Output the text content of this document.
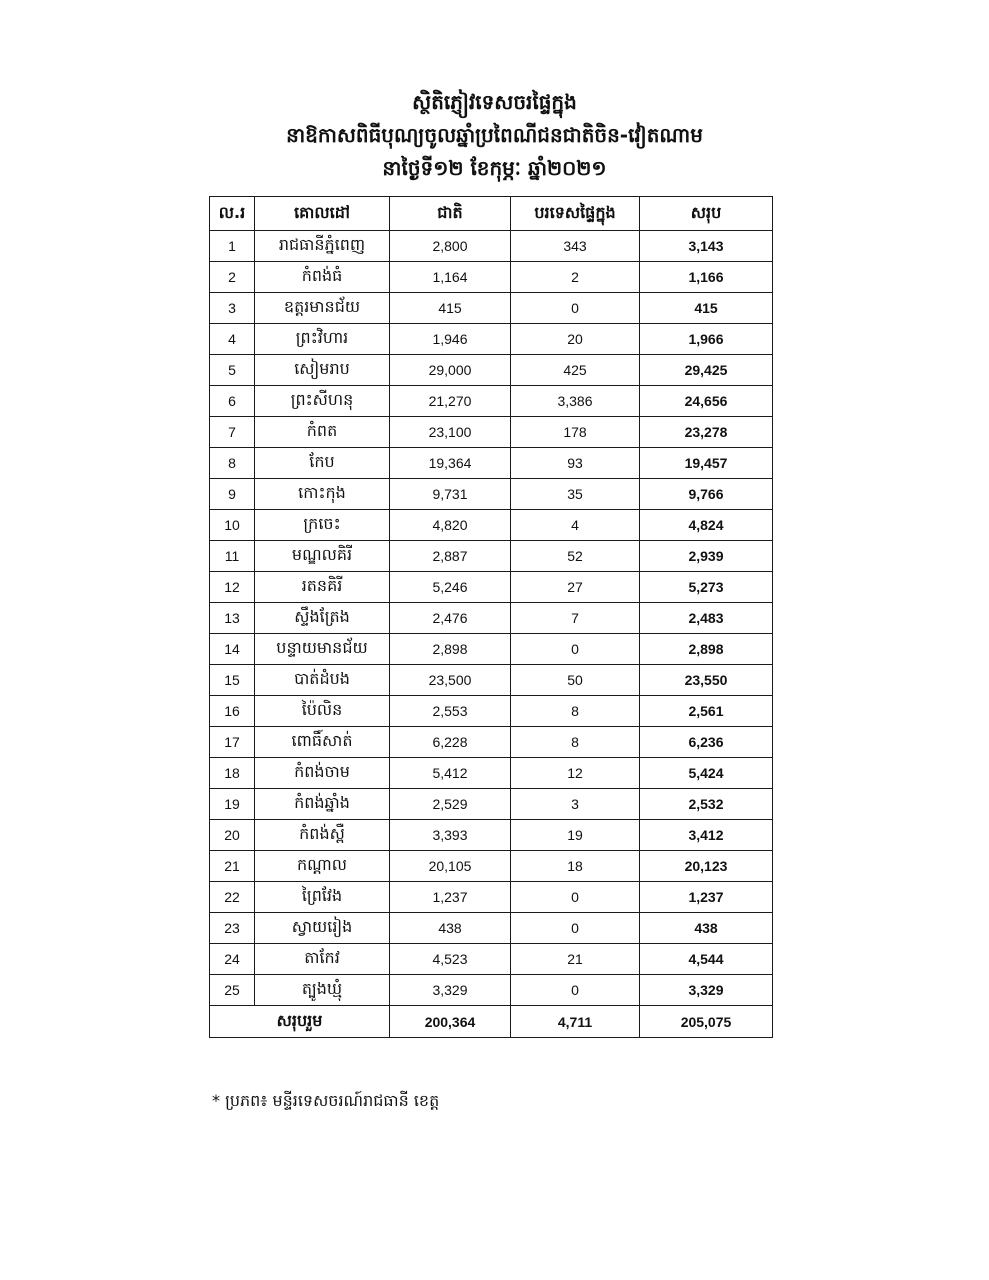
ស្ថិតិភ្ញៀវទេសចរផ្ទៃក្នុង
នាឱកាសពិធីបុណ្យចូលឆ្នាំប្រពៃណីជនជាតិចិន-វៀតណាម
នាថ្ងៃទី១២ ខែកុម្ភៈ ឆ្នាំ២០២១
ល.រ	គោលដៅ	ជាតិ	បរទេសផ្ទៃក្នុង	សរុប
1	រាជធានីភ្នំពេញ	2,800	343	3,143
2	កំពង់ធំ	1,164	2	1,166
3	ឧត្តរមានជ័យ	415	0	415
4	ព្រះវិហារ	1,946	20	1,966
5	សៀមរាប	29,000	425	29,425
6	ព្រះសីហនុ	21,270	3,386	24,656
7	កំពត	23,100	178	23,278
8	កែប	19,364	93	19,457
9	កោះកុង	9,731	35	9,766
10	ក្រចេះ	4,820	4	4,824
11	មណ្ឌលគិរី	2,887	52	2,939
12	រតនគិរី	5,246	27	5,273
13	ស្ទឹងត្រែង	2,476	7	2,483
14	បន្ទាយមានជ័យ	2,898	0	2,898
15	បាត់ដំបង	23,500	50	23,550
16	ប៉ៃលិន	2,553	8	2,561
17	ពោធិ៍សាត់	6,228	8	6,236
18	កំពង់ចាម	5,412	12	5,424
19	កំពង់ឆ្នាំង	2,529	3	2,532
20	កំពង់ស្ពឺ	3,393	19	3,412
21	កណ្ដាល	20,105	18	20,123
22	ព្រៃវែង	1,237	0	1,237
23	ស្វាយរៀង	438	0	438
24	តាកែវ	4,523	21	4,544
25	ត្បូងឃ្មុំ	3,329	0	3,329
សរុបរួម		200,364	4,711	205,075
* ប្រភព៖ មន្ទីរទេសចរណ៍រាជធានី ខេត្ត
